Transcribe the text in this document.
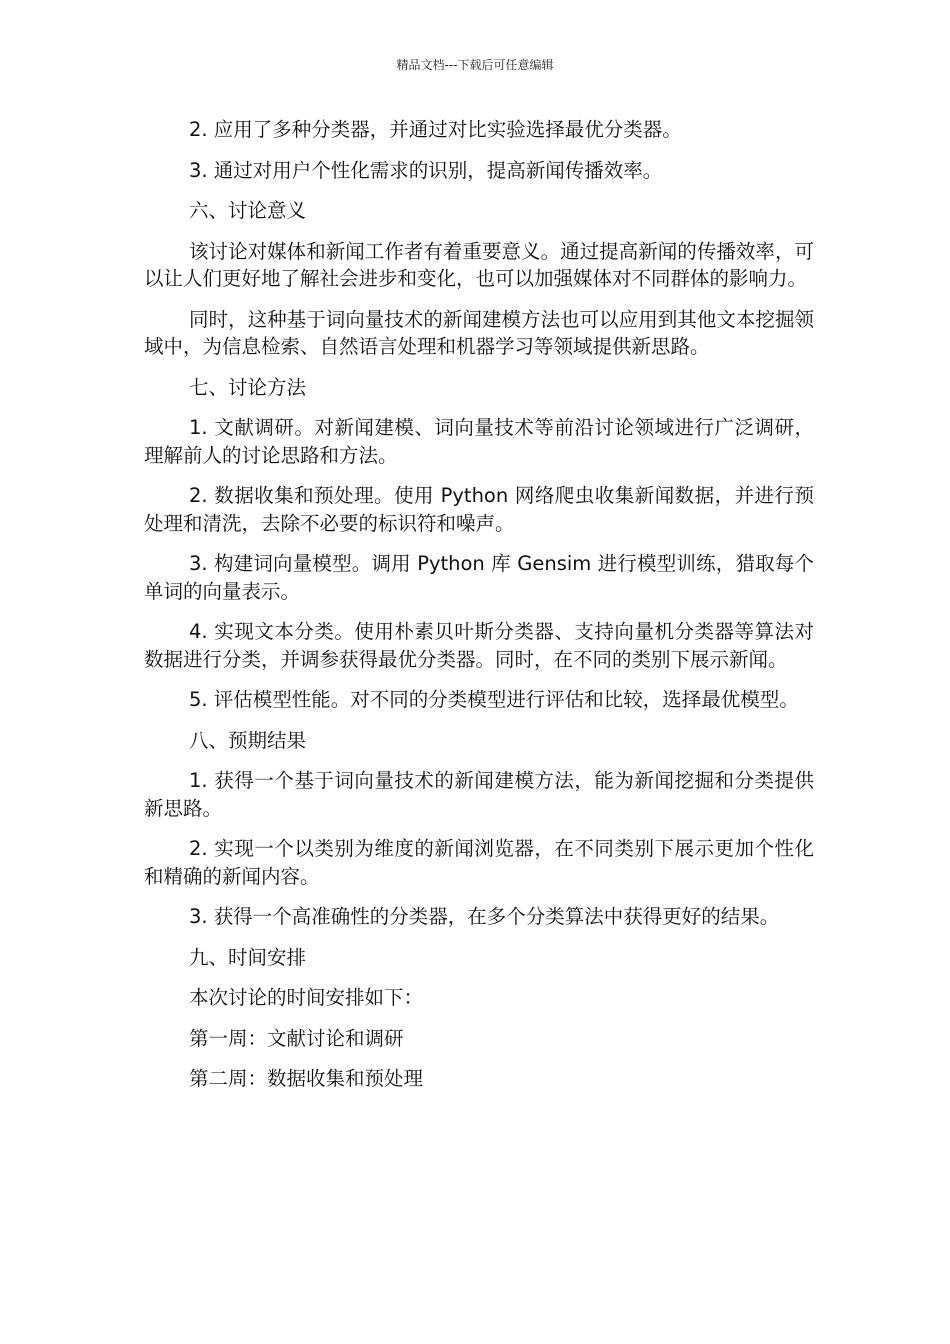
精品文档---下载后可任意编辑

2. 应用了多种分类器，并通过对比实验选择最优分类器。

3. 通过对用户个性化需求的识别，提高新闻传播效率。

六、讨论意义

该讨论对媒体和新闻工作者有着重要意义。通过提高新闻的传播效率，可以让人们更好地了解社会进步和变化，也可以加强媒体对不同群体的影响力。

同时，这种基于词向量技术的新闻建模方法也可以应用到其他文本挖掘领域中，为信息检索、自然语言处理和机器学习等领域提供新思路。

七、讨论方法

1. 文献调研。对新闻建模、词向量技术等前沿讨论领域进行广泛调研，理解前人的讨论思路和方法。

2. 数据收集和预处理。使用 Python 网络爬虫收集新闻数据，并进行预处理和清洗，去除不必要的标识符和噪声。

3. 构建词向量模型。调用 Python 库 Gensim 进行模型训练，猎取每个单词的向量表示。

4. 实现文本分类。使用朴素贝叶斯分类器、支持向量机分类器等算法对数据进行分类，并调参获得最优分类器。同时，在不同的类别下展示新闻。

5. 评估模型性能。对不同的分类模型进行评估和比较，选择最优模型。

八、预期结果

1. 获得一个基于词向量技术的新闻建模方法，能为新闻挖掘和分类提供新思路。

2. 实现一个以类别为维度的新闻浏览器，在不同类别下展示更加个性化和精确的新闻内容。

3. 获得一个高准确性的分类器，在多个分类算法中获得更好的结果。

九、时间安排

本次讨论的时间安排如下：

第一周：文献讨论和调研

第二周：数据收集和预处理
